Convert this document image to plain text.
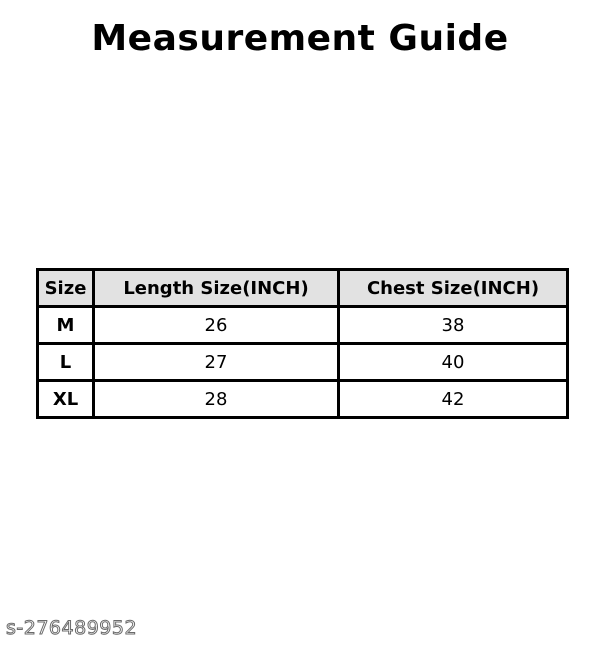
Measurement Guide
Size	Length Size(INCH)	Chest Size(INCH)
M	26	38
L	27	40
XL	28	42
s-276489952
